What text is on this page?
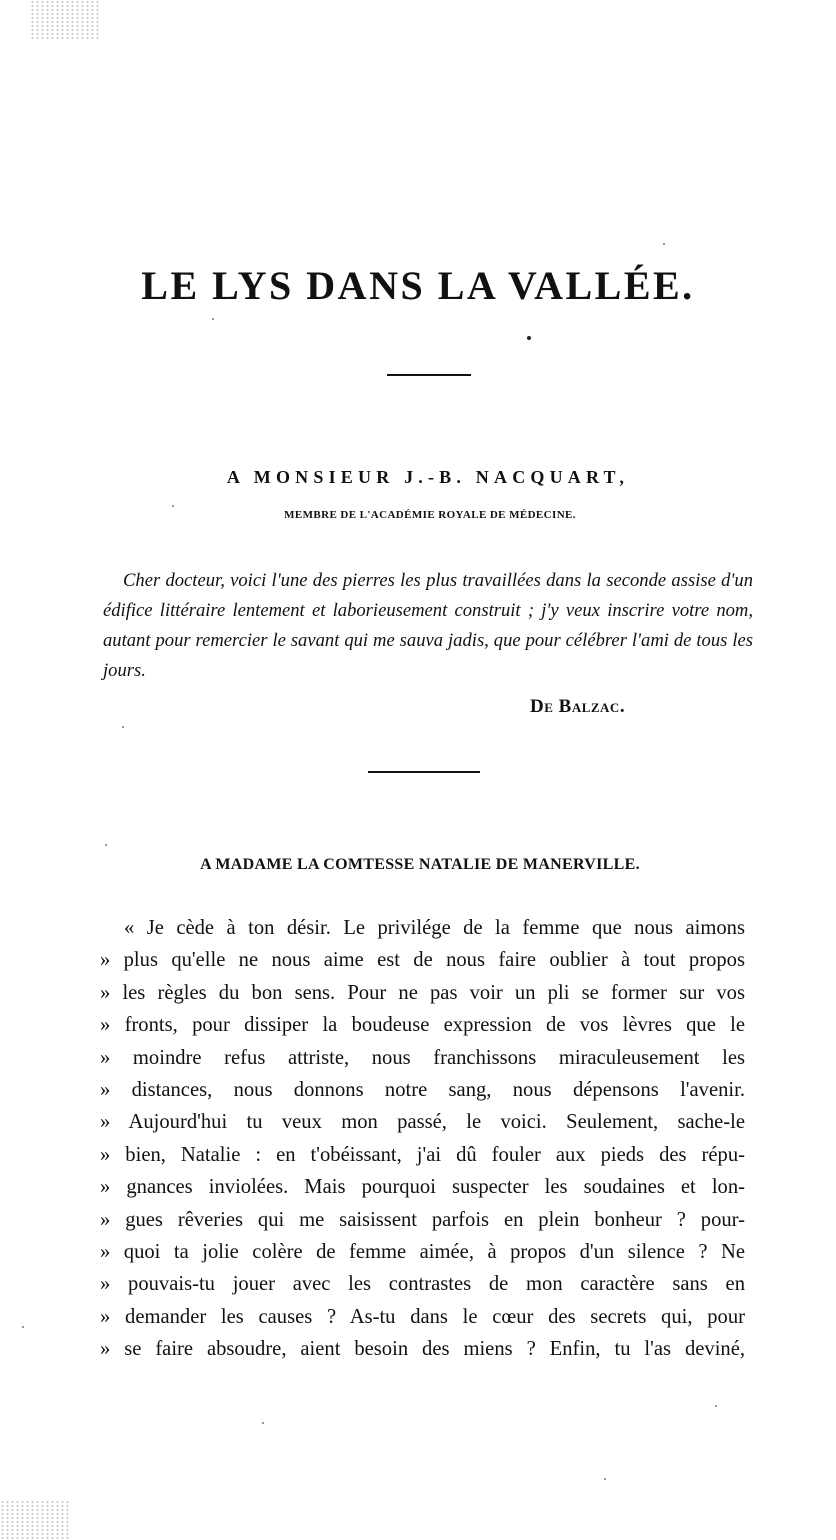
LE LYS DANS LA VALLÉE.
A MONSIEUR J.-B. NACQUART,
MEMBRE DE L'ACADÉMIE ROYALE DE MÉDECINE.

Cher docteur, voici l'une des pierres les plus travaillées dans la seconde assise d'un édifice littéraire lentement et laborieusement construit ; j'y veux inscrire votre nom, autant pour remercier le savant qui me sauva jadis, que pour célébrer l'ami de tous les jours.

De Balzac.
A MADAME LA COMTESSE NATALIE DE MANERVILLE.
« Je cède à ton désir. Le privilége de la femme que nous aimons
» plus qu'elle ne nous aime est de nous faire oublier à tout propos
» les règles du bon sens. Pour ne pas voir un pli se former sur vos
» fronts, pour dissiper la boudeuse expression de vos lèvres que le
» moindre refus attriste, nous franchissons miraculeusement les
» distances, nous donnons notre sang, nous dépensons l'avenir.
» Aujourd'hui tu veux mon passé, le voici. Seulement, sache-le
» bien, Natalie : en t'obéissant, j'ai dû fouler aux pieds des répu-
» gnances inviolées. Mais pourquoi suspecter les soudaines et lon-
» gues rêveries qui me saisissent parfois en plein bonheur ? pour-
» quoi ta jolie colère de femme aimée, à propos d'un silence ? Ne
» pouvais-tu jouer avec les contrastes de mon caractère sans en
» demander les causes ? As-tu dans le cœur des secrets qui, pour
» se faire absoudre, aient besoin des miens ? Enfin, tu l'as deviné,
